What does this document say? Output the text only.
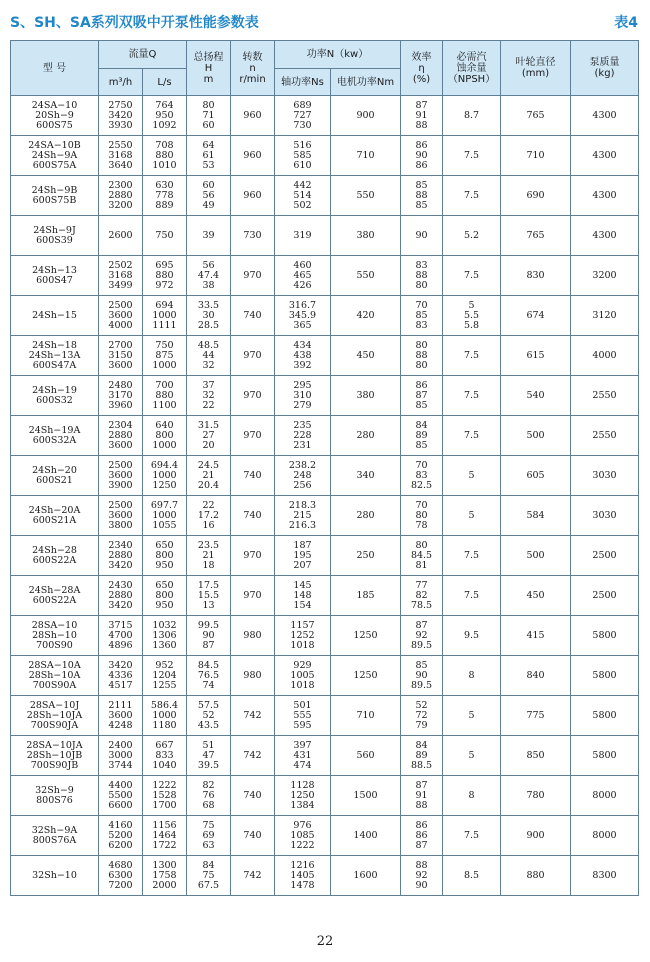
S、SH、SA系列双吸中开泵性能参数表	表4
型 号	流量Q		总扬程
H
m	转数
n
r/min	功率N（kw）		效率
η
(%)	必需汽
蚀余量
（NPSH）	叶轮直径
(mm)	泵质量
(kg)
	m³/h	L/s			轴功率Ns	电机功率Nm				
24SA−10
20Sh−9
600S75	2750
3420
3930	764
950
1092	80
71
60	960	689
727
730	900	87
91
88	8.7	765	4300
24SA−10B
24Sh−9A
600S75A	2550
3168
3640	708
880
1010	64
61
53	960	516
585
610	710	86
90
86	7.5	710	4300
24Sh−9B
600S75B	2300
2880
3200	630
778
889	60
56
49	960	442
514
502	550	85
88
85	7.5	690	4300
24Sh−9J
600S39	2600	750	39	730	319	380	90	5.2	765	4300
24Sh−13
600S47	2502
3168
3499	695
880
972	56
47.4
38	970	460
465
426	550	83
88
80	7.5	830	3200
24Sh−15	2500
3600
4000	694
1000
1111	33.5
30
28.5	740	316.7
345.9
365	420	70
85
83	5
5.5
5.8	674	3120
24Sh−18
24Sh−13A
600S47A	2700
3150
3600	750
875
1000	48.5
44
32	970	434
438
392	450	80
88
80	7.5	615	4000
24Sh−19
600S32	2480
3170
3960	700
880
1100	37
32
22	970	295
310
279	380	86
87
85	7.5	540	2550
24Sh−19A
600S32A	2304
2880
3600	640
800
1000	31.5
27
20	970	235
228
231	280	84
89
85	7.5	500	2550
24Sh−20
600S21	2500
3600
3900	694.4
1000
1250	24.5
21
20.4	740	238.2
248
256	340	70
83
82.5	5	605	3030
24Sh−20A
600S21A	2500
3600
3800	697.7
1000
1055	22
17.2
16	740	218.3
215
216.3	280	70
80
78	5	584	3030
24Sh−28
600S22A	2340
2880
3420	650
800
950	23.5
21
18	970	187
195
207	250	80
84.5
81	7.5	500	2500
24Sh−28A
600S22A	2430
2880
3420	650
800
950	17.5
15.5
13	970	145
148
154	185	77
82
78.5	7.5	450	2500
28SA−10
28Sh−10
700S90	3715
4700
4896	1032
1306
1360	99.5
90
87	980	1157
1252
1018	1250	87
92
89.5	9.5	415	5800
28SA−10A
28Sh−10A
700S90A	3420
4336
4517	952
1204
1255	84.5
76.5
74	980	929
1005
1018	1250	85
90
89.5	8	840	5800
28SA−10J
28Sh−10JA
700S90JA	2111
3600
4248	586.4
1000
1180	57.5
52
43.5	742	501
555
595	710	52
72
79	5	775	5800
28SA−10JA
28Sh−10JB
700S90JB	2400
3000
3744	667
833
1040	51
47
39.5	742	397
431
474	560	84
89
88.5	5	850	5800
32Sh−9
800S76	4400
5500
6600	1222
1528
1700	82
76
68	740	1128
1250
1384	1500	87
91
88	8	780	8000
32Sh−9A
800S76A	4160
5200
6200	1156
1464
1722	75
69
63	740	976
1085
1222	1400	86
86
87	7.5	900	8000
32Sh−10	4680
6300
7200	1300
1758
2000	84
75
67.5	742	1216
1405
1478	1600	88
92
90	8.5	880	8300
22
